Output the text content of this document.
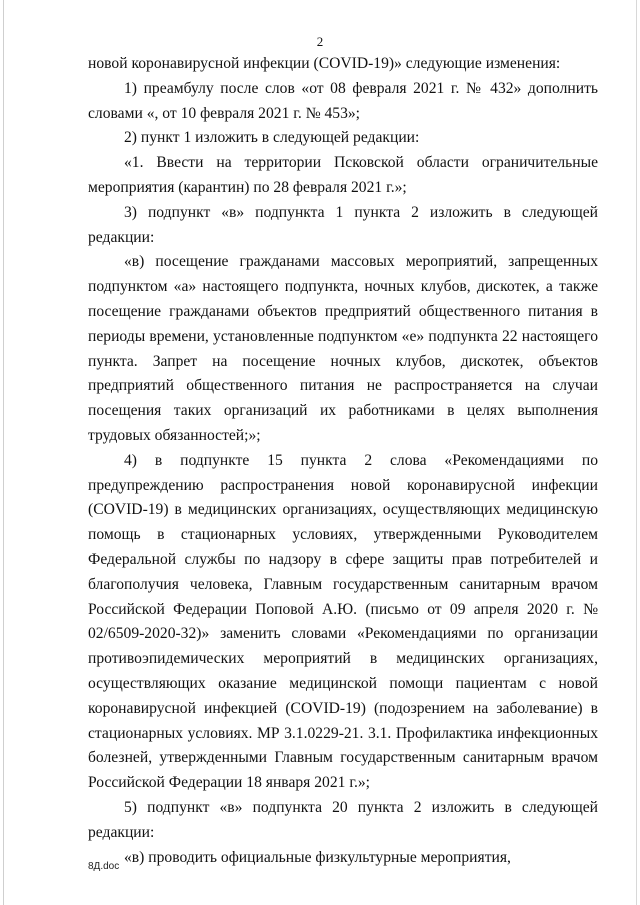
2

новой коронавирусной инфекции (COVID-19)» следующие изменения:

1) преамбулу после слов «от 08 февраля 2021 г. № 432» дополнить словами «, от 10 февраля 2021 г. № 453»;

2) пункт 1 изложить в следующей редакции:

«1. Ввести на территории Псковской области ограничительные мероприятия (карантин) по 28 февраля 2021 г.»;

3) подпункт «в» подпункта 1 пункта 2 изложить в следующей редакции:

«в) посещение гражданами массовых мероприятий, запрещенных подпунктом «а» настоящего подпункта, ночных клубов, дискотек, а также посещение гражданами объектов предприятий общественного питания в периоды времени, установленные подпунктом «е» подпункта 22 настоящего пункта. Запрет на посещение ночных клубов, дискотек, объектов предприятий общественного питания не распространяется на случаи посещения таких организаций их работниками в целях выполнения трудовых обязанностей;»;

4) в подпункте 15 пункта 2 слова «Рекомендациями по предупреждению распространения новой коронавирусной инфекции (COVID-19) в медицинских организациях, осуществляющих медицинскую помощь в стационарных условиях, утвержденными Руководителем Федеральной службы по надзору в сфере защиты прав потребителей и благополучия человека, Главным государственным санитарным врачом Российской Федерации Поповой А.Ю. (письмо от 09 апреля 2020 г. № 02/6509-2020-32)» заменить словами «Рекомендациями по организации противоэпидемических мероприятий в медицинских организациях, осуществляющих оказание медицинской помощи пациентам с новой коронавирусной инфекцией (COVID-19) (подозрением на заболевание) в стационарных условиях. МР 3.1.0229-21. 3.1. Профилактика инфекционных болезней, утвержденными Главным государственным санитарным врачом Российской Федерации 18 января 2021 г.»;

5) подпункт «в» подпункта 20 пункта 2 изложить в следующей редакции:

«в) проводить официальные физкультурные мероприятия,

8Д.doc
